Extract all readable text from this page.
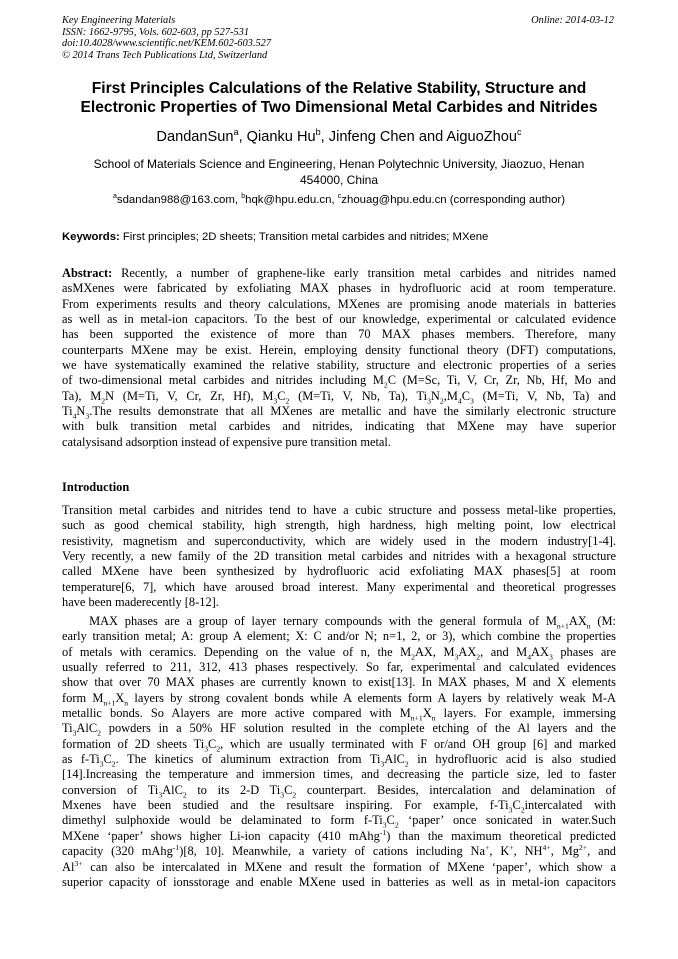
Key Engineering Materials
ISSN: 1662-9795, Vols. 602-603, pp 527-531
doi:10.4028/www.scientific.net/KEM.602-603.527
© 2014 Trans Tech Publications Ltd, Switzerland
Online: 2014-03-12
First Principles Calculations of the Relative Stability, Structure and
Electronic Properties of Two Dimensional Metal Carbides and Nitrides
DandanSun$^a$, Qianku Hu$^b$, Jinfeng Chen and AiguoZhou$^c$
School of Materials Science and Engineering, Henan Polytechnic University, Jiaozuo, Henan
454000, China
$^a$sdandan988@163.com, $^b$hqk@hpu.edu.cn, $^c$zhouag@hpu.edu.cn (corresponding author)
Keywords: First principles; 2D sheets; Transition metal carbides and nitrides; MXene
Abstract: Recently, a number of graphene-like early transition metal carbides and nitrides named
asMXenes were fabricated by exfoliating MAX phases in hydrofluoric acid at room temperature.
From experiments results and theory calculations, MXenes are promising anode materials in batteries
as well as in metal-ion capacitors. To the best of our knowledge, experimental or calculated evidence
has been supported the existence of more than 70 MAX phases members. Therefore, many
counterparts MXene may be exist. Herein, employing density functional theory (DFT) computations,
we have systematically examined the relative stability, structure and electronic properties of a series
of two-dimensional metal carbides and nitrides including $M_2C$ (M=Sc, Ti, V, Cr, Zr, Nb, Hf, Mo and
Ta), $M_2N$ (M=Ti, V, Cr, Zr, Hf), $M_3C_2$ (M=Ti, V, Nb, Ta), $Ti_3N_2,M_4C_3$ (M=Ti, V, Nb, Ta) and
$Ti_4N_3.The$ results demonstrate that all MXenes are metallic and have the similarly electronic structure
with bulk transition metal carbides and nitrides, indicating that MXene may have superior
catalysisand adsorption instead of expensive pure transition metal.
Introduction
Transition metal carbides and nitrides tend to have a cubic structure and possess metal-like properties,
such as good chemical stability, high strength, high hardness, high melting point, low electrical
resistivity, magnetism and superconductivity, which are widely used in the modern industry[1-4].
Very recently, a new family of the 2D transition metal carbides and nitrides with a hexagonal structure
called MXene have been synthesized by hydrofluoric acid exfoliating MAX phases[5] at room
temperature[6, 7], which have aroused broad interest. Many experimental and theoretical progresses
have been maderecently [8-12].
MAX phases are a group of layer ternary compounds with the general formula of $M_{n+1}AX_n$ (M:
early transition metal; A: group A element; X: C and/or N; n=1, 2, or 3), which combine the properties
of metals with ceramics. Depending on the value of n, the $M_2AX$, $M_3AX_2$, and $M_4AX_3$ phases are
usually referred to 211, 312, 413 phases respectively. So far, experimental and calculated evidences
show that over 70 MAX phases are currently known to exist[13]. In MAX phases, M and X elements
form $M_{n+1}X_n$ layers by strong covalent bonds while A elements form A layers by relatively weak M-A
metallic bonds. So Alayers are more active compared with $M_{n+1}X_n$ layers. For example, immersing
$Ti_3AlC_2$ powders in a 50% HF solution resulted in the complete etching of the Al layers and the
formation of 2D sheets $Ti_3C_2$, which are usually terminated with F or/and OH group [6] and marked
as $f-Ti_3C_2$. The kinetics of aluminum extraction from $Ti_3AlC_2$ in hydrofluoric acid is also studied
[14].Increasing the temperature and immersion times, and decreasing the particle size, led to faster
conversion of $Ti_3AlC_2$ to its 2-D $Ti_3C_2$ counterpart. Besides, intercalation and delamination of
Mxenes have been studied and the resultsare inspiring. For example, $f-Ti_3C_2intercalated$ with
dimethyl sulphoxide would be delaminated to form $f-Ti_3C_2$ ‘paper’ once sonicated in water.Such
MXene ‘paper’ shows higher Li-ion capacity (410 mAhg$^{-1}$) than the maximum theoretical predicted
capacity (320 mAhg$^{-1}$)[8, 10]. Meanwhile, a variety of cations including Na+, K+, $NH^{4+}$, $Mg^{2+}$, and
$Al^{3+}$ can also be intercalated in MXene and result the formation of MXene ‘paper’, which show a
superior capacity of ionsstorage and enable MXene used in batteries as well as in metal-ion capacitors
